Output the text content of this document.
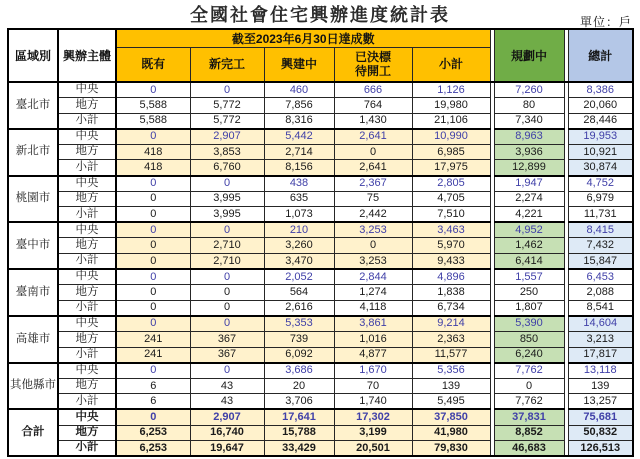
全國社會住宅興辦進度統計表	單位：戶
區域別	興辦主體	截至2023年6月30日達成數						規劃中		總計
		既有	新完工	興建中	已決標
待開工	小計				
臺北市	中央	0	0	460	666	1,126		7,260		8,386
	地方	5,588	5,772	7,856	764	19,980		80		20,060
	小計	5,588	5,772	8,316	1,430	21,106		7,340		28,446
新北市	中央	0	2,907	5,442	2,641	10,990		8,963		19,953
	地方	418	3,853	2,714	0	6,985		3,936		10,921
	小計	418	6,760	8,156	2,641	17,975		12,899		30,874
桃園市	中央	0	0	438	2,367	2,805		1,947		4,752
	地方	0	3,995	635	75	4,705		2,274		6,979
	小計	0	3,995	1,073	2,442	7,510		4,221		11,731
臺中市	中央	0	0	210	3,253	3,463		4,952		8,415
	地方	0	2,710	3,260	0	5,970		1,462		7,432
	小計	0	2,710	3,470	3,253	9,433		6,414		15,847
臺南市	中央	0	0	2,052	2,844	4,896		1,557		6,453
	地方	0	0	564	1,274	1,838		250		2,088
	小計	0	0	2,616	4,118	6,734		1,807		8,541
高雄市	中央	0	0	5,353	3,861	9,214		5,390		14,604
	地方	241	367	739	1,016	2,363		850		3,213
	小計	241	367	6,092	4,877	11,577		6,240		17,817
其他縣市	中央	0	0	3,686	1,670	5,356		7,762		13,118
	地方	6	43	20	70	139		0		139
	小計	6	43	3,706	1,740	5,495		7,762		13,257
合計	中央	0	2,907	17,641	17,302	37,850		37,831		75,681
	地方	6,253	16,740	15,788	3,199	41,980		8,852		50,832
	小計	6,253	19,647	33,429	20,501	79,830		46,683		126,513
